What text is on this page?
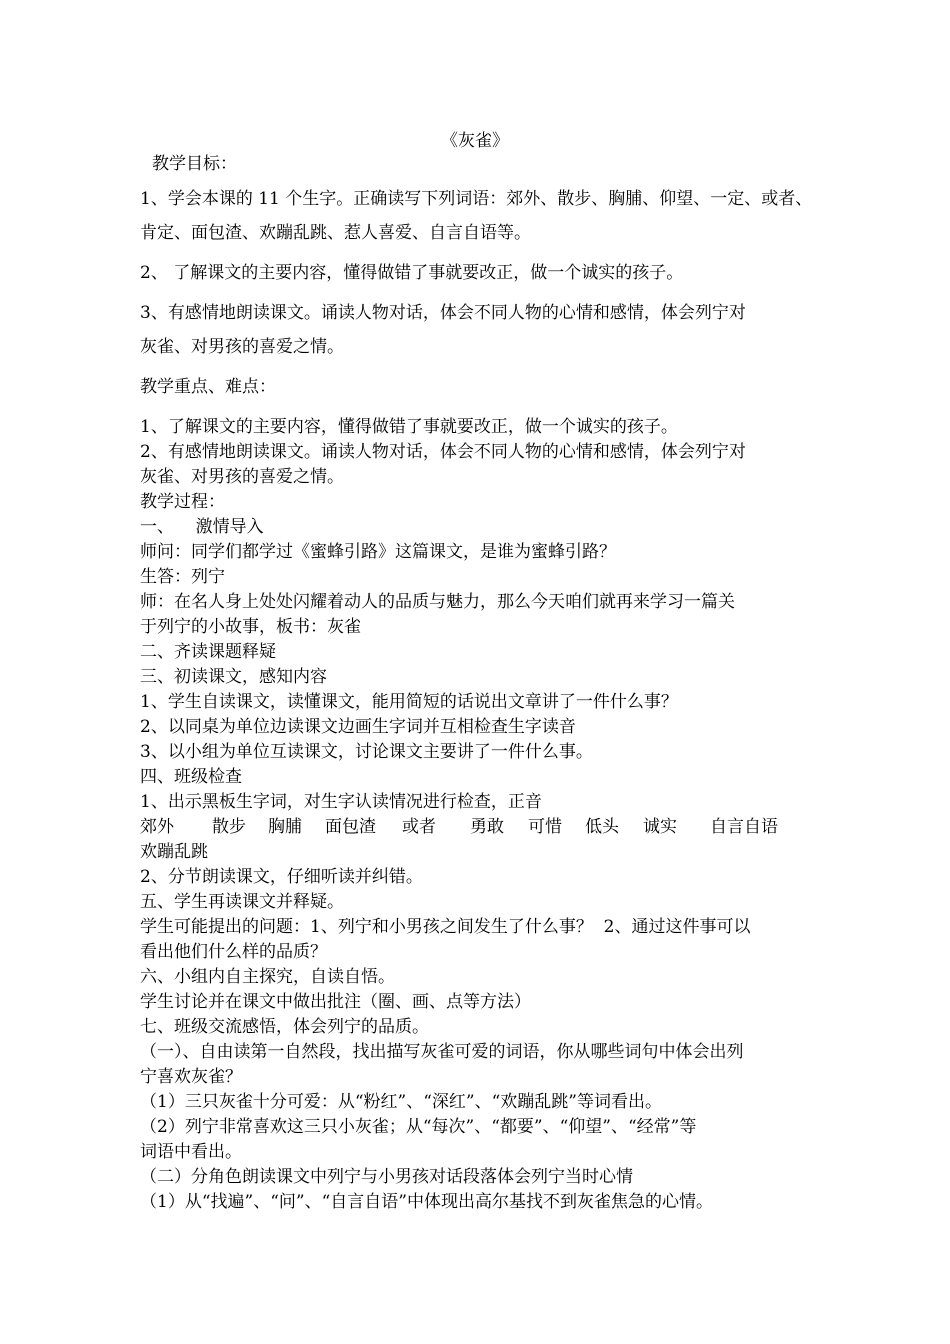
《灰雀》
教学目标：
1、学会本课的 11 个生字。正确读写下列词语：郊外、散步、胸脯、仰望、一定、或者、
肯定、面包渣、欢蹦乱跳、惹人喜爱、自言自语等。
2、 了解课文的主要内容，懂得做错了事就要改正，做一个诚实的孩子。
3、有感情地朗读课文。诵读人物对话，体会不同人物的心情和感情，体会列宁对
灰雀、对男孩的喜爱之情。
教学重点、难点：
1、了解课文的主要内容，懂得做错了事就要改正，做一个诚实的孩子。
2、有感情地朗读课文。诵读人物对话，体会不同人物的心情和感情，体会列宁对
灰雀、对男孩的喜爱之情。
教学过程：
一、    激情导入
师问：同学们都学过《蜜蜂引路》这篇课文，是谁为蜜蜂引路？
生答：列宁
师：在名人身上处处闪耀着动人的品质与魅力，那么今天咱们就再来学习一篇关
于列宁的小故事，板书：灰雀
二、齐读课题释疑
三、初读课文，感知内容
1、学生自读课文，读懂课文，能用简短的话说出文章讲了一件什么事？
2、以同桌为单位边读课文边画生字词并互相检查生字读音
3、以小组为单位互读课文，讨论课文主要讲了一件什么事。
四、班级检查
1、出示黑板生字词，对生字认读情况进行检查，正音
郊外 散步 胸脯 面包渣 或者 勇敢 可惜 低头 诚实 自言自语
欢蹦乱跳
2、分节朗读课文，仔细听读并纠错。
五、学生再读课文并释疑。
学生可能提出的问题：1、列宁和小男孩之间发生了什么事？  2、通过这件事可以
看出他们什么样的品质？
六、小组内自主探究，自读自悟。
学生讨论并在课文中做出批注（圈、画、点等方法）
七、班级交流感悟，体会列宁的品质。
（一）、自由读第一自然段，找出描写灰雀可爱的词语，你从哪些词句中体会出列
宁喜欢灰雀？
（1）三只灰雀十分可爱：从“粉红”、“深红”、“欢蹦乱跳”等词看出。
（2）列宁非常喜欢这三只小灰雀；从“每次”、“都要”、“仰望”、“经常”等
词语中看出。
（二）分角色朗读课文中列宁与小男孩对话段落体会列宁当时心情
（1）从“找遍”、“问”、“自言自语”中体现出高尔基找不到灰雀焦急的心情。
